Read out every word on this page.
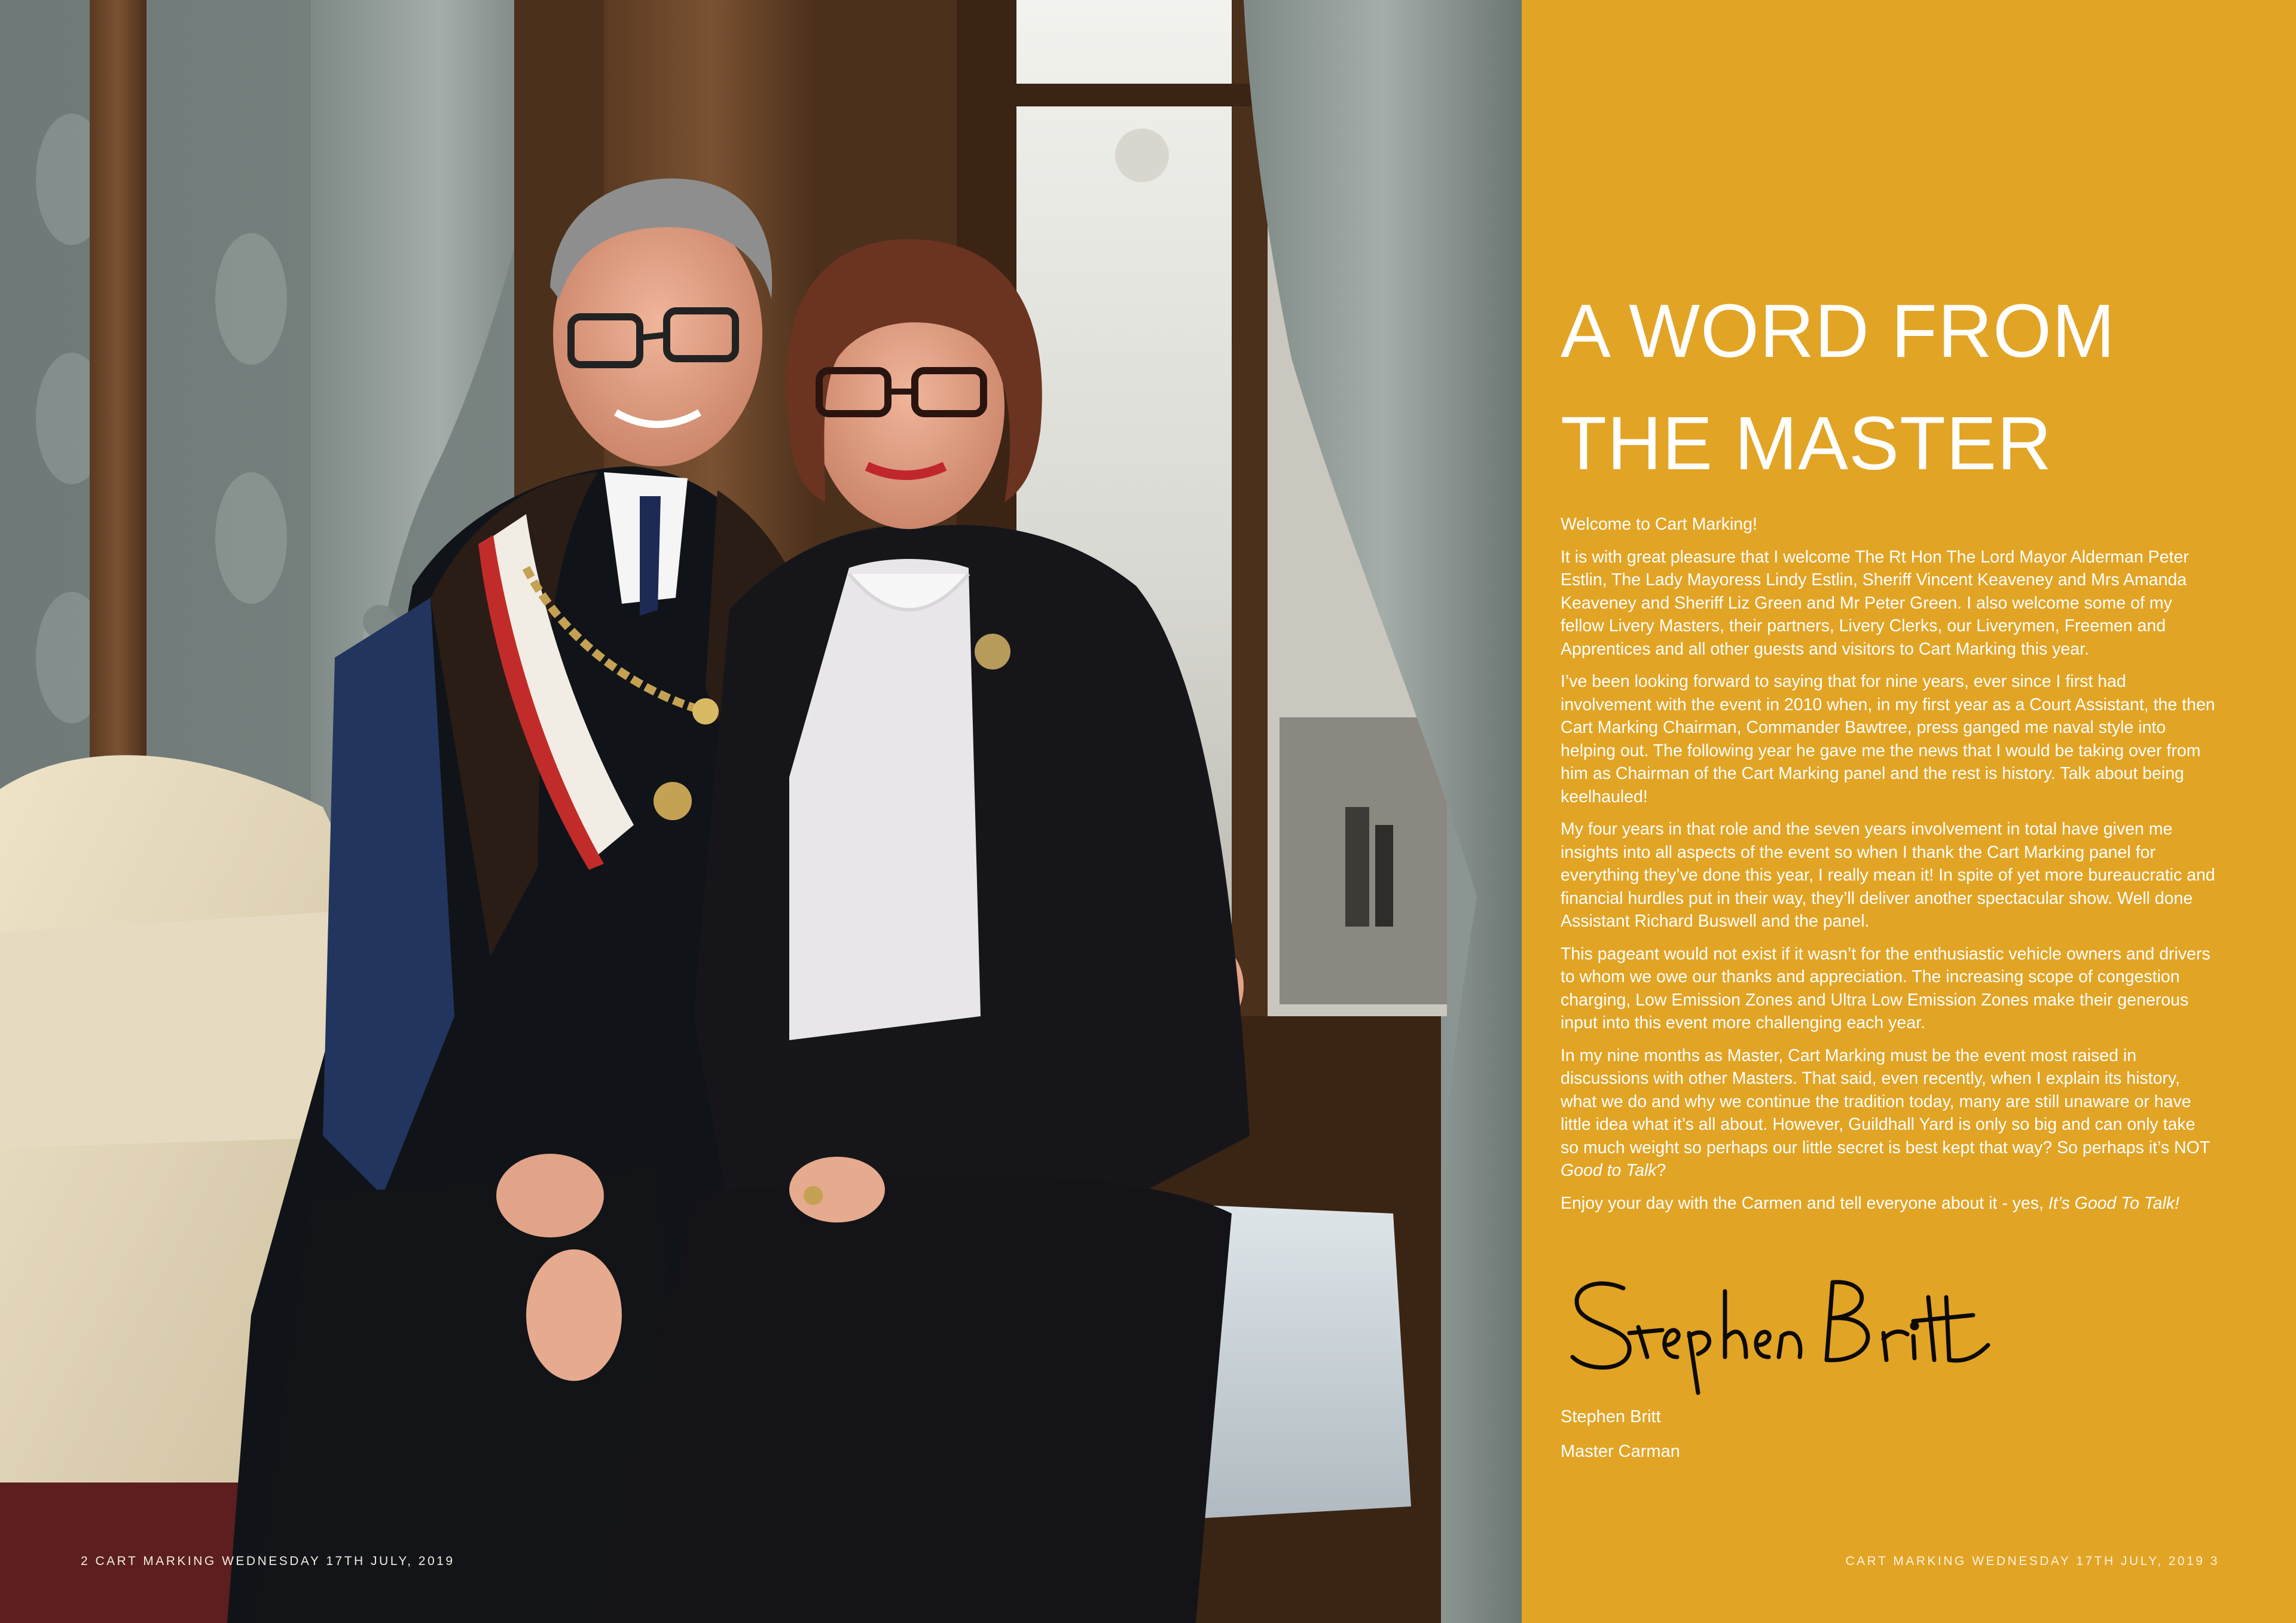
2 CART MARKING WEDNESDAY 17TH JULY, 2019
A WORD FROM
THE MASTER

Welcome to Cart Marking!

It is with great pleasure that I welcome The Rt Hon The Lord Mayor Alderman Peter Estlin, The Lady Mayoress Lindy Estlin, Sheriff Vincent Keaveney and Mrs Amanda Keaveney and Sheriff Liz Green and Mr Peter Green. I also welcome some of my fellow Livery Masters, their partners, Livery Clerks, our Liverymen, Freemen and Apprentices and all other guests and visitors to Cart Marking this year.

I’ve been looking forward to saying that for nine years, ever since I first had involvement with the event in 2010 when, in my first year as a Court Assistant, the then Cart Marking Chairman, Commander Bawtree, press ganged me naval style into helping out. The following year he gave me the news that I would be taking over from him as Chairman of the Cart Marking panel and the rest is history. Talk about being keelhauled!

My four years in that role and the seven years involvement in total have given me insights into all aspects of the event so when I thank the Cart Marking panel for everything they’ve done this year, I really mean it! In spite of yet more bureaucratic and financial hurdles put in their way, they’ll deliver another spectacular show. Well done Assistant Richard Buswell and the panel.

This pageant would not exist if it wasn’t for the enthusiastic vehicle owners and drivers to whom we owe our thanks and appreciation. The increasing scope of congestion charging, Low Emission Zones and Ultra Low Emission Zones make their generous input into this event more challenging each year.

In my nine months as Master, Cart Marking must be the event most raised in discussions with other Masters. That said, even recently, when I explain its history, what we do and why we continue the tradition today, many are still unaware or have little idea what it’s all about. However, Guildhall Yard is only so big and can only take so much weight so perhaps our little secret is best kept that way? So perhaps it’s NOT Good to Talk?

Enjoy your day with the Carmen and tell everyone about it - yes, It’s Good To Talk!

Stephen Britt
Master Carman
CART MARKING WEDNESDAY 17TH JULY, 2019 3
